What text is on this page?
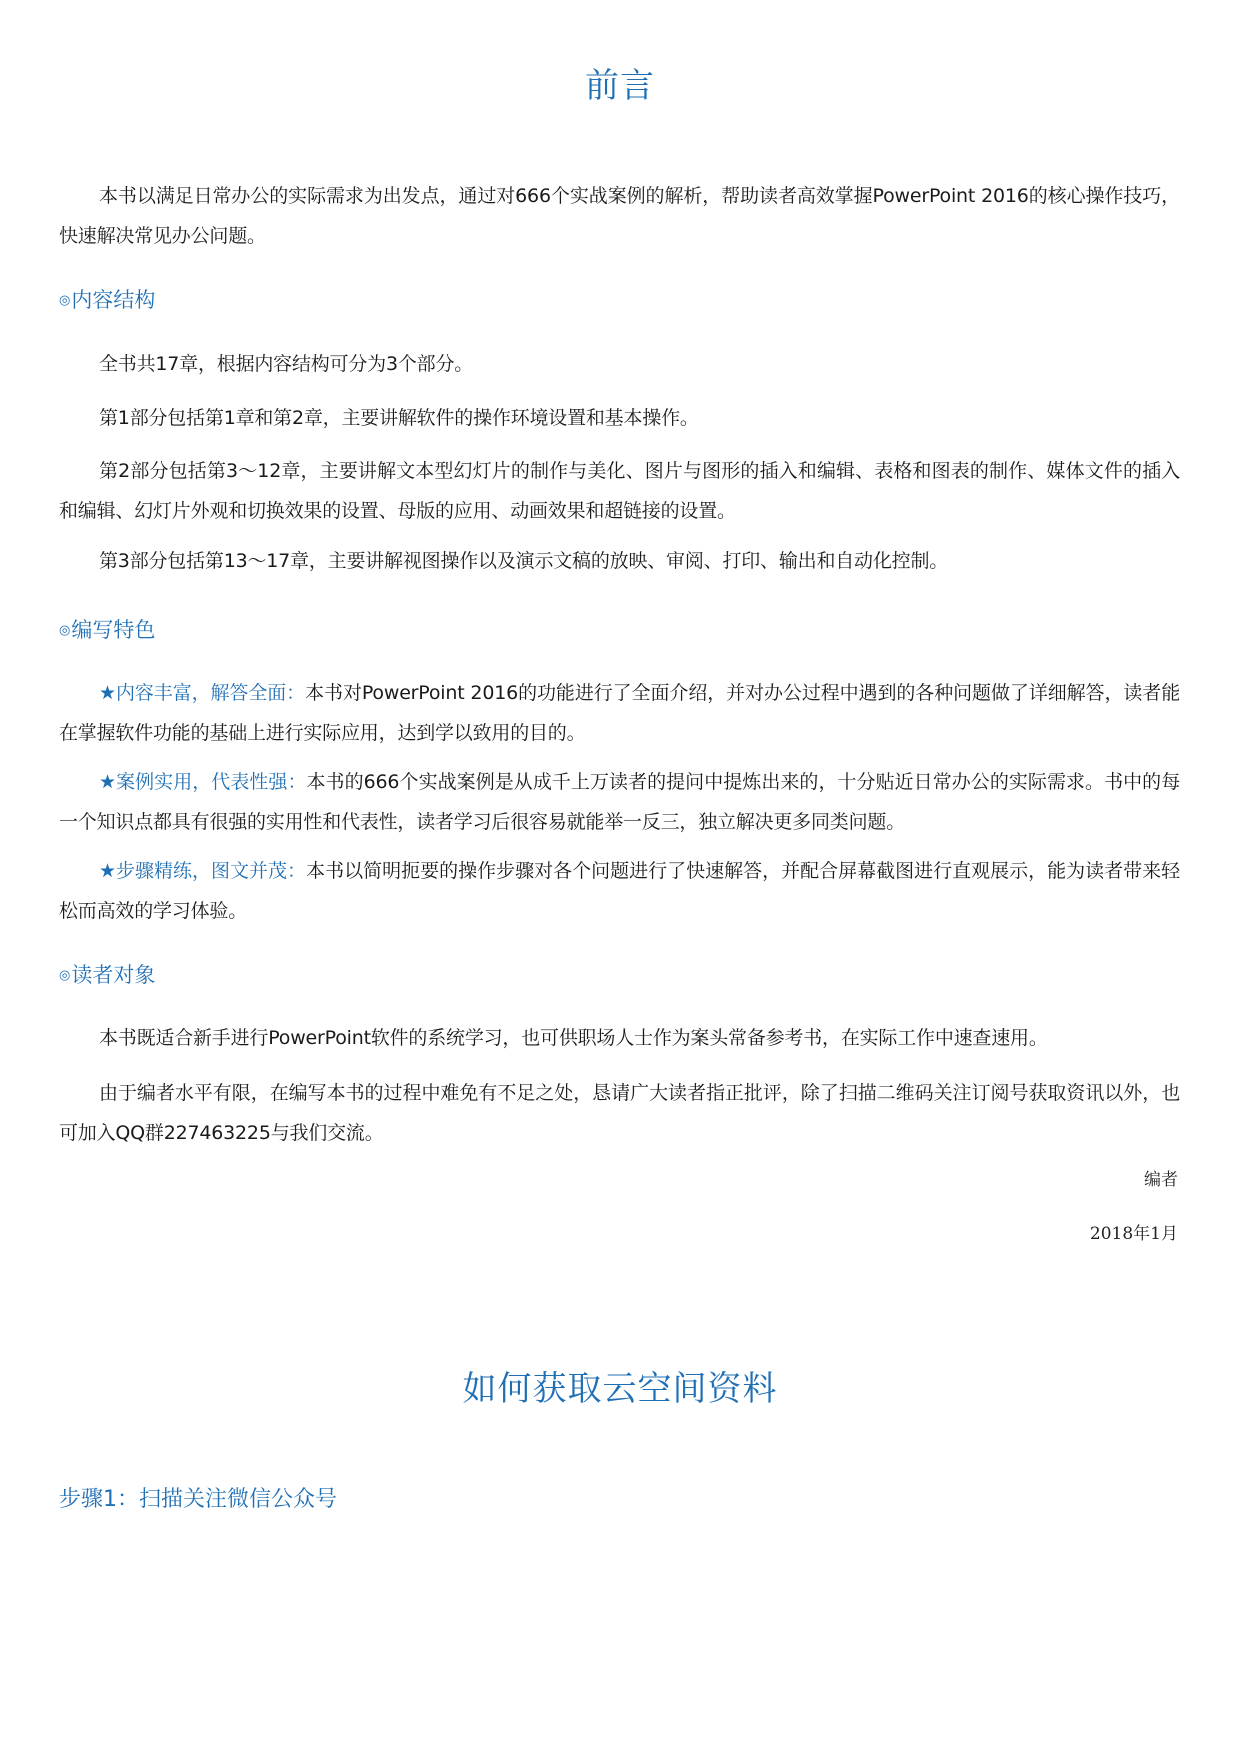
前言
本书以满足日常办公的实际需求为出发点，通过对666个实战案例的解析，帮助读者高效掌握PowerPoint 2016的核心操作技巧，快速解决常见办公问题。
◎内容结构
全书共17章，根据内容结构可分为3个部分。
第1部分包括第1章和第2章，主要讲解软件的操作环境设置和基本操作。
第2部分包括第3～12章，主要讲解文本型幻灯片的制作与美化、图片与图形的插入和编辑、表格和图表的制作、媒体文件的插入和编辑、幻灯片外观和切换效果的设置、母版的应用、动画效果和超链接的设置。
第3部分包括第13～17章，主要讲解视图操作以及演示文稿的放映、审阅、打印、输出和自动化控制。
◎编写特色
★内容丰富，解答全面：本书对PowerPoint 2016的功能进行了全面介绍，并对办公过程中遇到的各种问题做了详细解答，读者能在掌握软件功能的基础上进行实际应用，达到学以致用的目的。
★案例实用，代表性强：本书的666个实战案例是从成千上万读者的提问中提炼出来的，十分贴近日常办公的实际需求。书中的每一个知识点都具有很强的实用性和代表性，读者学习后很容易就能举一反三，独立解决更多同类问题。
★步骤精练，图文并茂：本书以简明扼要的操作步骤对各个问题进行了快速解答，并配合屏幕截图进行直观展示，能为读者带来轻松而高效的学习体验。
◎读者对象
本书既适合新手进行PowerPoint软件的系统学习，也可供职场人士作为案头常备参考书，在实际工作中速查速用。
由于编者水平有限，在编写本书的过程中难免有不足之处，恳请广大读者指正批评，除了扫描二维码关注订阅号获取资讯以外，也可加入QQ群227463225与我们交流。
编者
2018年1月
如何获取云空间资料
步骤1：扫描关注微信公众号
